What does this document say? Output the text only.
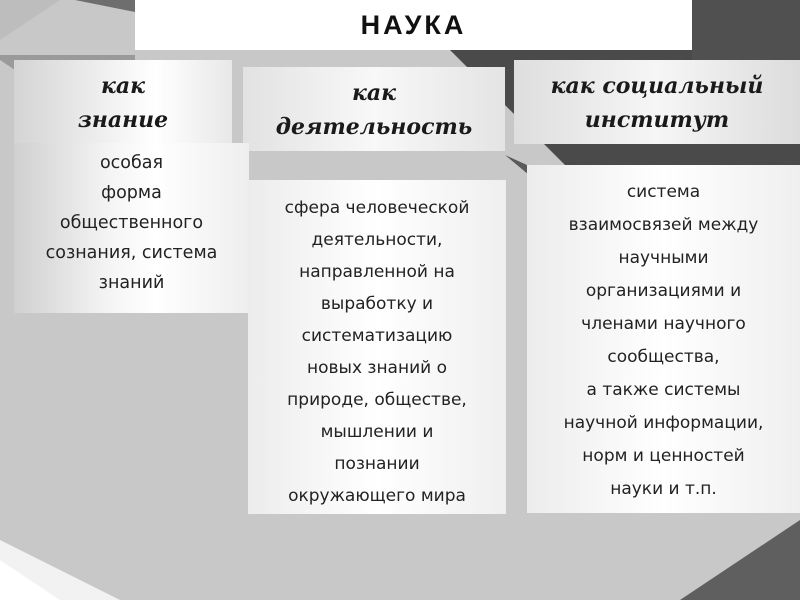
НАУКА
как
знание
как
деятельность
как социальный
институт
особая
форма
общественного
сознания, система
знаний
сфера человеческой
деятельности,
направленной на
выработку и
систематизацию
новых знаний о
природе, обществе,
мышлении и
познании
окружающего мира
система
взаимосвязей между
научными
организациями и
членами научного
сообщества,
а также системы
научной информации,
норм и ценностей
науки и т.п.
